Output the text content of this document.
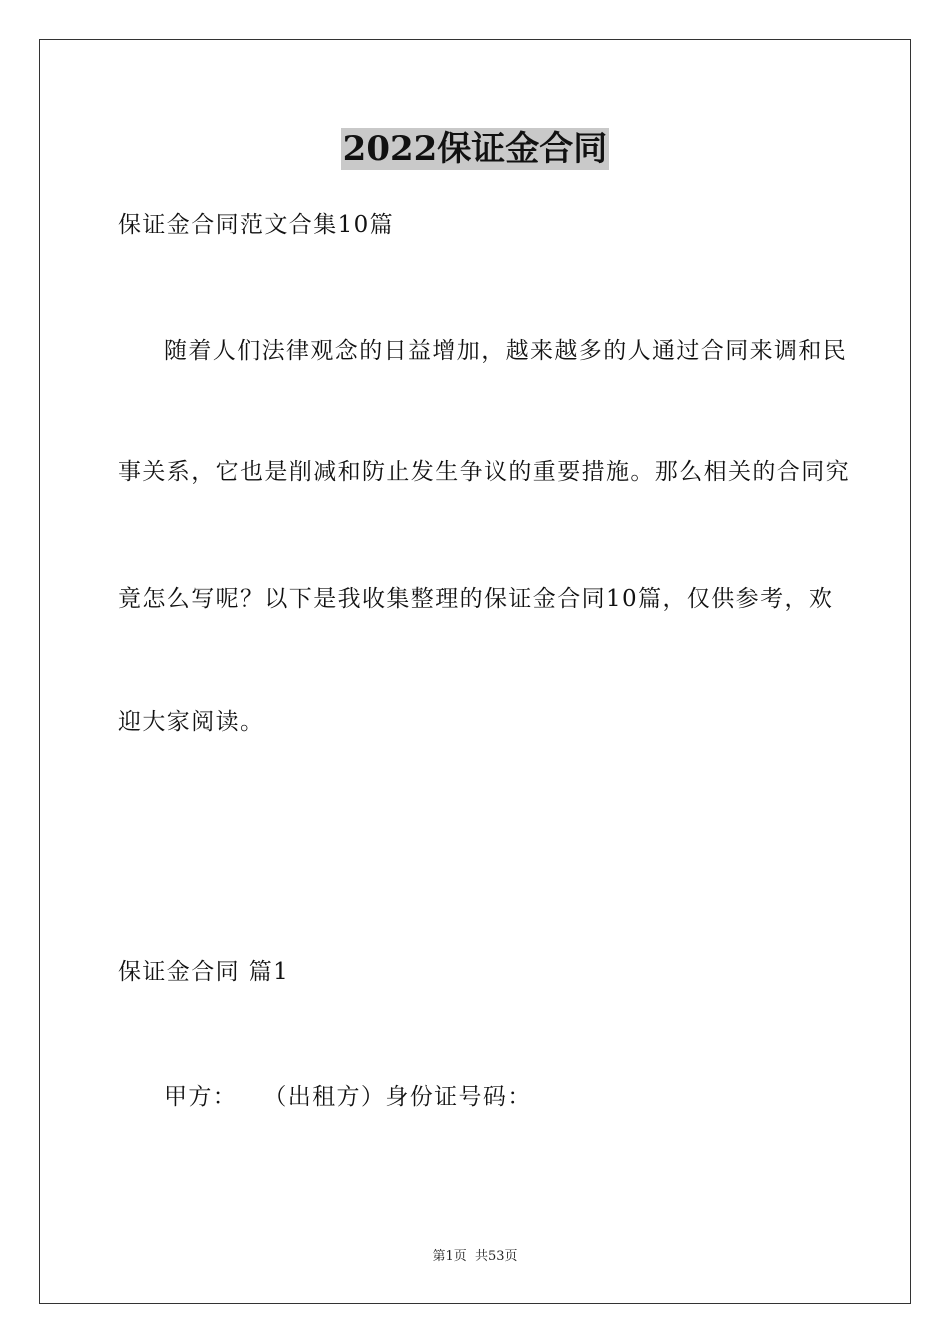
2022保证金合同
保证金合同范文合集10篇
随着人们法律观念的日益增加，越来越多的人通过合同来调和民
事关系，它也是削减和防止发生争议的重要措施。那么相关的合同究
竟怎么写呢？以下是我收集整理的保证金合同10篇，仅供参考，欢
迎大家阅读。
保证金合同 篇1
甲方：   （出租方）身份证号码：
第1页 共53页
